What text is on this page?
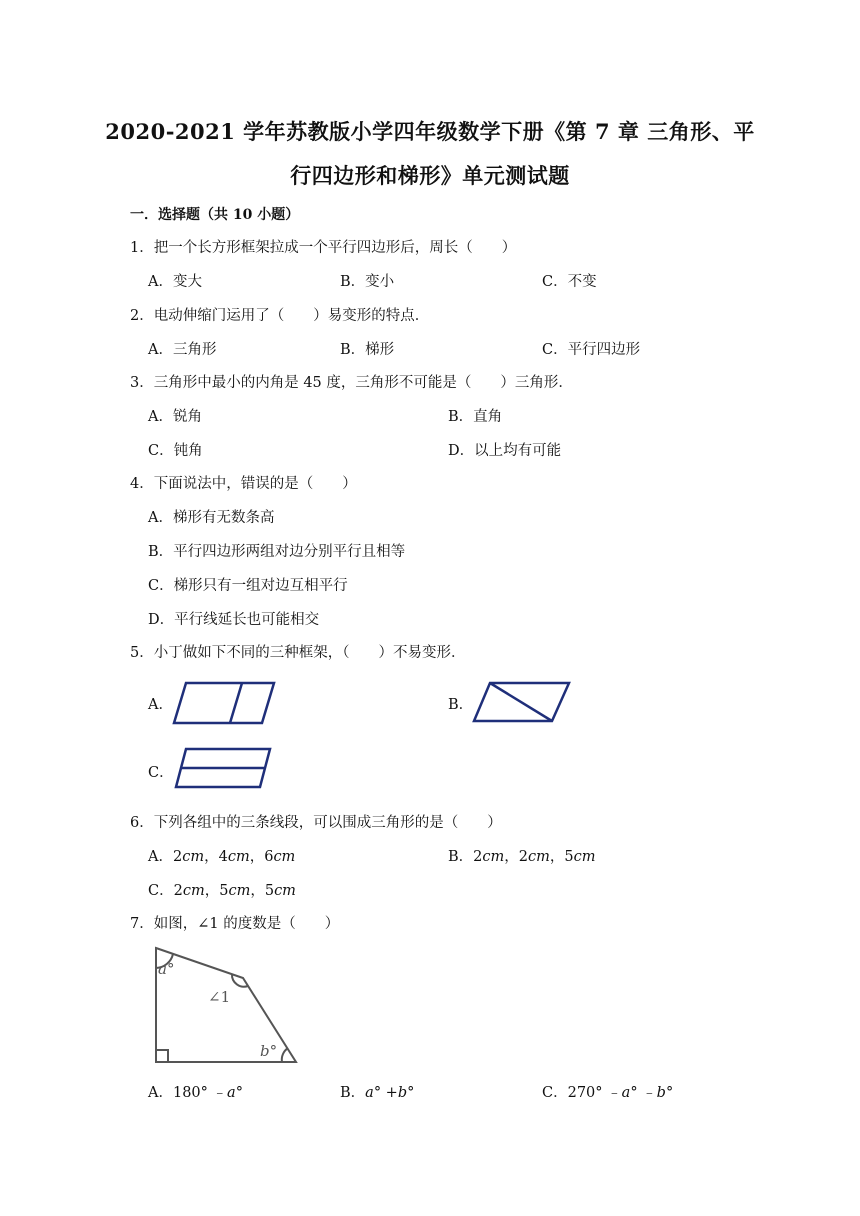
2020-2021 学年苏教版小学四年级数学下册《第 7 章 三角形、平
行四边形和梯形》单元测试题
一．选择题（共 10 小题）
1．把一个长方形框架拉成一个平行四边形后，周长（　　）
A．变大	B．变小	C．不变
2．电动伸缩门运用了（　　）易变形的特点．
A．三角形	B．梯形	C．平行四边形
3．三角形中最小的内角是 45 度，三角形不可能是（　　）三角形．
A．锐角	B．直角
C．钝角	D．以上均有可能
4．下面说法中，错误的是（　　）
A．梯形有无数条高
B．平行四边形两组对边分别平行且相等
C．梯形只有一组对边互相平行
D．平行线延长也可能相交
5．小丁做如下不同的三种框架，（　　）不易变形．
A．	B．
C．
6．下列各组中的三条线段，可以围成三角形的是（　　）
A．2cm，4cm，6cm	B．2cm，2cm，5cm
C．2cm，5cm，5cm
7．如图，∠1 的度数是（　　）
a°
∠1
b°
A．180° ﹣a°	B．a° +b°	C．270° ﹣a° ﹣b°
